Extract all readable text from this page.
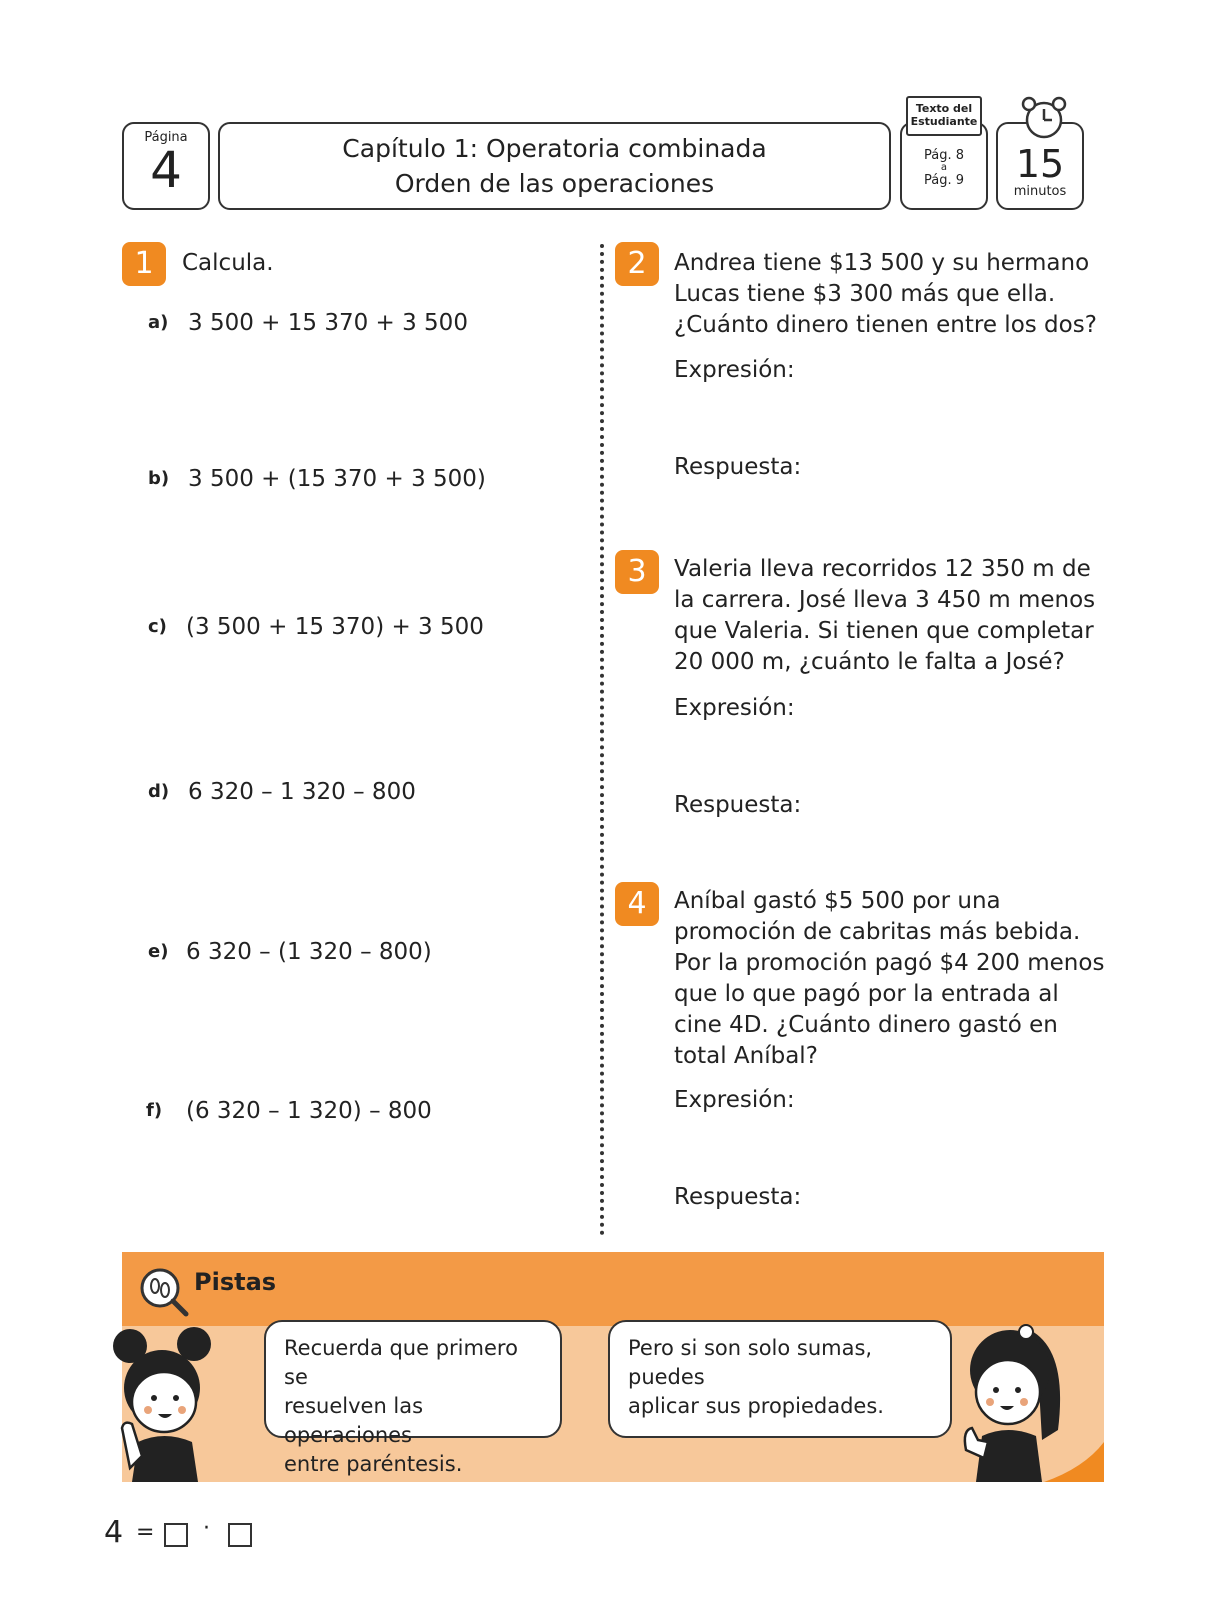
Página
4	Capítulo 1: Operatoria combinada
Orden de las operaciones
Pág. 8
a
Pág. 9
Texto del Estudiante
15
minutos
1	Calcula.
a) 3 500 + 15 370 + 3 500
b) 3 500 + (15 370 + 3 500)
c) (3 500 + 15 370) + 3 500
d) 6 320 – 1 320 – 800
e) 6 320 – (1 320 – 800)
f) (6 320 – 1 320) – 800
2	Andrea tiene $13 500 y su hermano
Lucas tiene $3 300 más que ella.
¿Cuánto dinero tienen entre los dos?
Expresión:
Respuesta:
3	Valeria lleva recorridos 12 350 m de
la carrera. José lleva 3 450 m menos
que Valeria. Si tienen que completar
20 000 m, ¿cuánto le falta a José?
Expresión:
Respuesta:
4	Aníbal gastó $5 500 por una
promoción de cabritas más bebida.
Por la promoción pagó $4 200 menos
que lo que pagó por la entrada al
cine 4D. ¿Cuánto dinero gastó en
total Aníbal?
Expresión:
Respuesta:
Pistas
Recuerda que primero se
resuelven las operaciones
entre paréntesis.
Pero si son solo sumas, puedes
aplicar sus propiedades.
4 = ·
